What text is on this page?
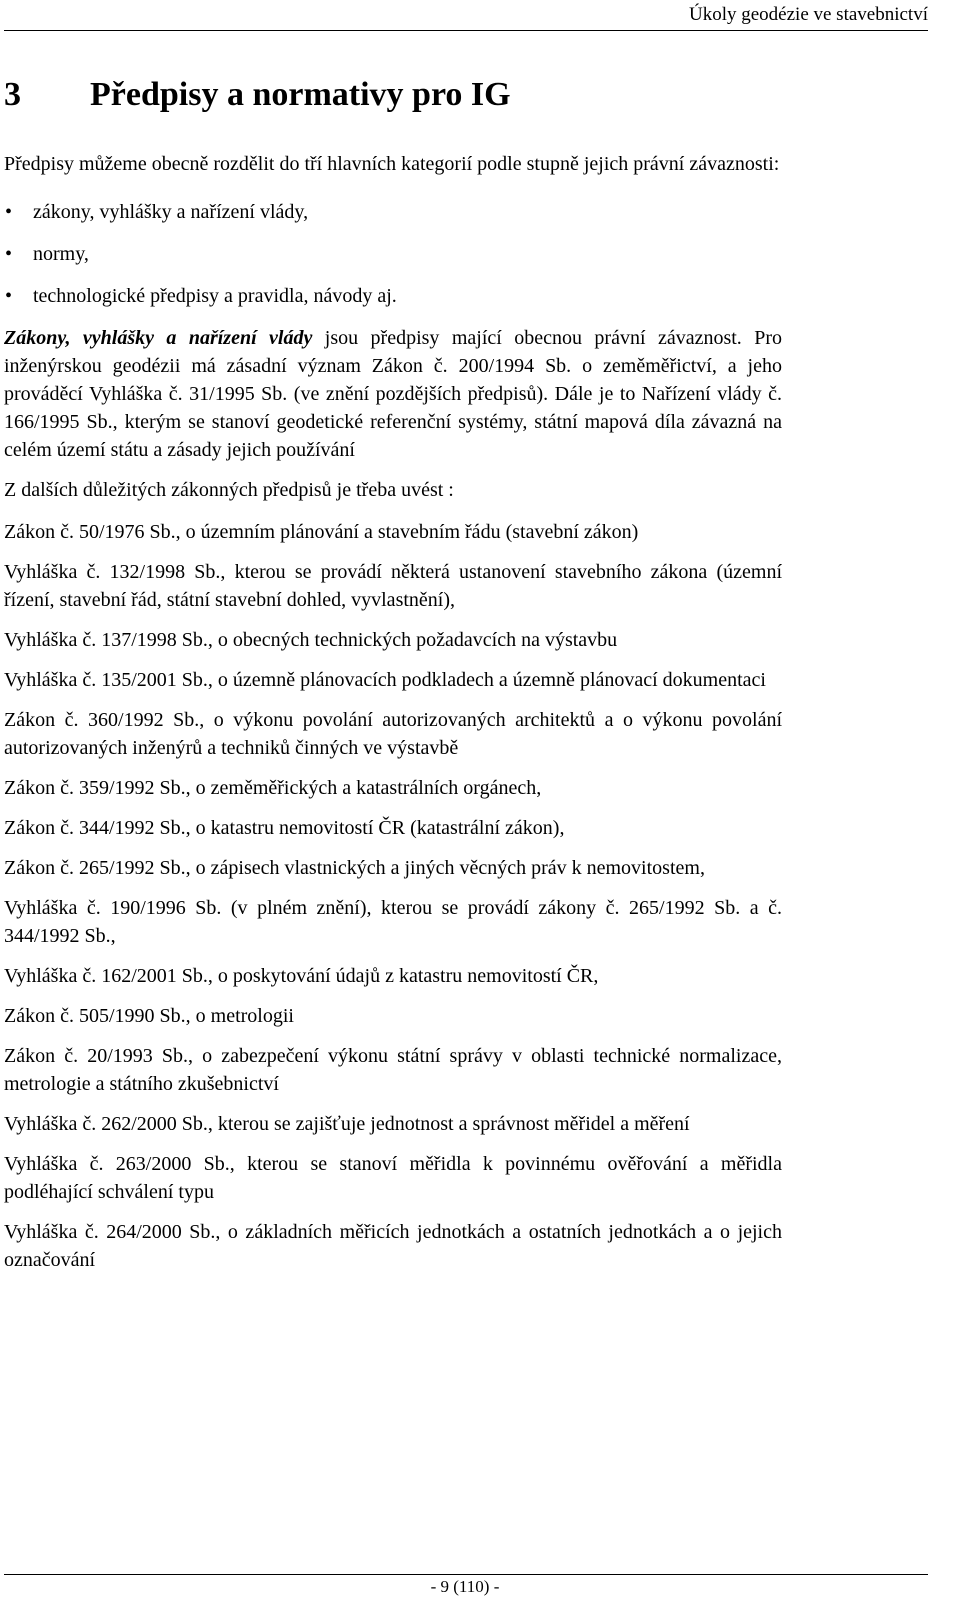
Úkoly geodézie ve stavebnictví
3 Předpisy a normativy pro IG

Předpisy můžeme obecně rozdělit do tří hlavních kategorií podle stupně jejich právní závaznosti:

• zákony, vyhlášky a nařízení vlády,
• normy,
• technologické předpisy a pravidla, návody aj.

Zákony, vyhlášky a nařízení vlády jsou předpisy mající obecnou právní závaznost. Pro inženýrskou geodézii má zásadní význam Zákon č. 200/1994 Sb. o zeměměřictví, a jeho prováděcí Vyhláška č. 31/1995 Sb. (ve znění pozdějších předpisů). Dále je to Nařízení vlády č. 166/1995 Sb., kterým se stanoví geodetické referenční systémy, státní mapová díla závazná na celém území státu a zásady jejich používání

Z dalších důležitých zákonných předpisů je třeba uvést :

Zákon č. 50/1976 Sb., o územním plánování a stavebním řádu (stavební zákon)

Vyhláška č. 132/1998 Sb., kterou se provádí některá ustanovení stavebního zákona (územní řízení, stavební řád, státní stavební dohled, vyvlastnění),

Vyhláška č. 137/1998 Sb., o obecných technických požadavcích na výstavbu

Vyhláška č. 135/2001 Sb., o územně plánovacích podkladech a územně plánovací dokumentaci

Zákon č. 360/1992 Sb., o výkonu povolání autorizovaných architektů a o výkonu povolání autorizovaných inženýrů a techniků činných ve výstavbě

Zákon č. 359/1992 Sb., o zeměměřických a katastrálních orgánech,

Zákon č. 344/1992 Sb., o katastru nemovitostí ČR (katastrální zákon),

Zákon č. 265/1992 Sb., o zápisech vlastnických a jiných věcných práv k nemovitostem,

Vyhláška č. 190/1996 Sb. (v plném znění), kterou se provádí zákony č. 265/1992 Sb. a č. 344/1992 Sb.,

Vyhláška č. 162/2001 Sb., o poskytování údajů z katastru nemovitostí ČR,

Zákon č. 505/1990 Sb., o metrologii

Zákon č. 20/1993 Sb., o zabezpečení výkonu státní správy v oblasti technické normalizace, metrologie a státního zkušebnictví

Vyhláška č. 262/2000 Sb., kterou se zajišťuje jednotnost a správnost měřidel a měření

Vyhláška č. 263/2000 Sb., kterou se stanoví měřidla k povinnému ověřování a měřidla podléhající schválení typu

Vyhláška č. 264/2000 Sb., o základních měřicích jednotkách a ostatních jednotkách a o jejich označování

- 9 (110) -
